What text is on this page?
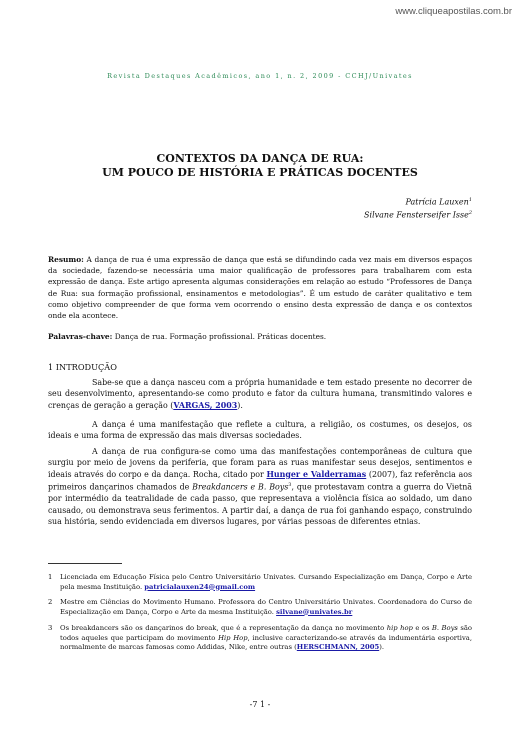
www.cliqueapostilas.com.br
Revista Destaques Acadêmicos, ano 1, n. 2, 2009 - CCHJ/Univates
CONTEXTOS DA DANÇA DE RUA:
UM POUCO DE HISTÓRIA E PRÁTICAS DOCENTES
Patrícia Lauxen$^1$
Silvane Fensterseifer Isse$^2$
Resumo: A dança de rua é uma expressão de dança que está se difundindo cada vez mais em diversos espaços da sociedade, fazendo-se necessária uma maior qualificação de professores para trabalharem com esta expressão de dança. Este artigo apresenta algumas considerações em relação ao estudo “Professores de Dança de Rua: sua formação profissional, ensinamentos e metodologias”. É um estudo de caráter qualitativo e tem como objetivo compreender de que forma vem ocorrendo o ensino desta expressão de dança e os contextos onde ela acontece.
Palavras-chave: Dança de rua. Formação profissional. Práticas docentes.
1 INTRODUÇÃO
Sabe-se que a dança nasceu com a própria humanidade e tem estado presente no decorrer de seu desenvolvimento, apresentando-se como produto e fator da cultura humana, transmitindo valores e crenças de geração a geração (VARGAS, 2003).
A dança é uma manifestação que reflete a cultura, a religião, os costumes, os desejos, os ideais e uma forma de expressão das mais diversas sociedades.
A dança de rua configura-se como uma das manifestações contemporâneas de cultura que surgiu por meio de jovens da periferia, que foram para as ruas manifestar seus desejos, sentimentos e ideais através do corpo e da dança. Rocha, citado por Hunger e Valderramas (2007), faz referência aos primeiros dançarinos chamados de Breakdancers e B. Boys$^3$, que protestavam contra a guerra do Vietnã por intermédio da teatralidade de cada passo, que representava a violência física ao soldado, um dano causado, ou demonstrava seus ferimentos. A partir daí, a dança de rua foi ganhando espaço, construindo sua história, sendo evidenciada em diversos lugares, por várias pessoas de diferentes etnias.
1 Licenciada em Educação Física pelo Centro Universitário Univates. Cursando Especialização em Dança, Corpo e Arte pela mesma Instituição. patricialauxen24@gmail.com
2 Mestre em Ciências do Movimento Humano. Professora do Centro Universitário Univates. Coordenadora do Curso de Especialização em Dança, Corpo e Arte da mesma Instituição. silvane@univates.br
3 Os breakdancers são os dançarinos do break, que é a representação da dança no movimento hip hop e os B. Boys são todos aqueles que participam do movimento Hip Hop, inclusive caracterizando-se através da indumentária esportiva, normalmente de marcas famosas como Addidas, Nike, entre outras (HERSCHMANN, 2005).
-7 1 -
